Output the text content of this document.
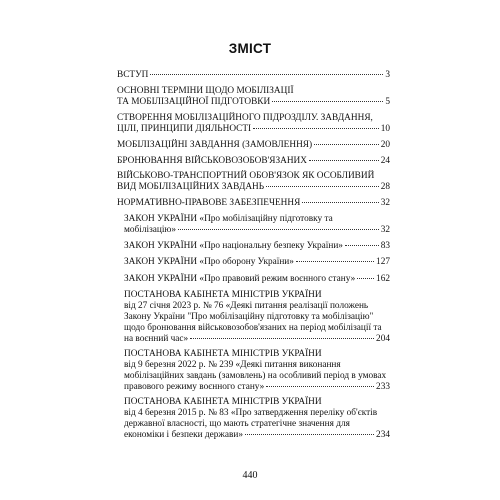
ЗМІСТ
ВСТУП	3
ОСНОВНІ ТЕРМІНИ ЩОДО МОБІЛІЗАЦІЇ
ТА МОБІЛІЗАЦІЙНОЇ ПІДГОТОВКИ	5
СТВОРЕННЯ МОБІЛІЗАЦІЙНОГО ПІДРОЗДІЛУ. ЗАВДАННЯ,
ЦІЛІ, ПРИНЦИПИ ДІЯЛЬНОСТІ	10
МОБІЛІЗАЦІЙНІ ЗАВДАННЯ (ЗАМОВЛЕННЯ)	20
БРОНЮВАННЯ ВІЙСЬКОВОЗОБОВ'ЯЗАНИХ	24
ВІЙСЬКОВО-ТРАНСПОРТНИЙ ОБОВ'ЯЗОК ЯК ОСОБЛИВИЙ
ВИД МОБІЛІЗАЦІЙНИХ ЗАВДАНЬ	28
НОРМАТИВНО-ПРАВОВЕ ЗАБЕЗПЕЧЕННЯ	32
ЗАКОН УКРАЇНИ «Про мобілізаційну підготовку та
мобілізацію»	32
ЗАКОН УКРАЇНИ «Про національну безпеку України»	83
ЗАКОН УКРАЇНИ «Про оборону України»	127
ЗАКОН УКРАЇНИ «Про правовий режим воєнного стану» 162
ПОСТАНОВА КАБІНЕТА МІНІСТРІВ УКРАЇНИ
від 27 січня 2023 р. № 76 «Деякі питання реалізації положень
Закону України "Про мобілізаційну підготовку та мобілізацію"
щодо бронювання військовозобов'язаних на період мобілізації та
на воєнний час»	204
ПОСТАНОВА КАБІНЕТА МІНІСТРІВ УКРАЇНИ
від 9 березня 2022 р. № 239 «Деякі питання виконання
мобілізаційних завдань (замовлень) на особливий період в умовах
правового режиму воєнного стану»	233
ПОСТАНОВА КАБІНЕТА МІНІСТРІВ УКРАЇНИ
від 4 березня 2015 р. № 83 «Про затвердження переліку об'єктів
державної власності, що мають стратегічне значення для
економіки і безпеки держави»	234
440
